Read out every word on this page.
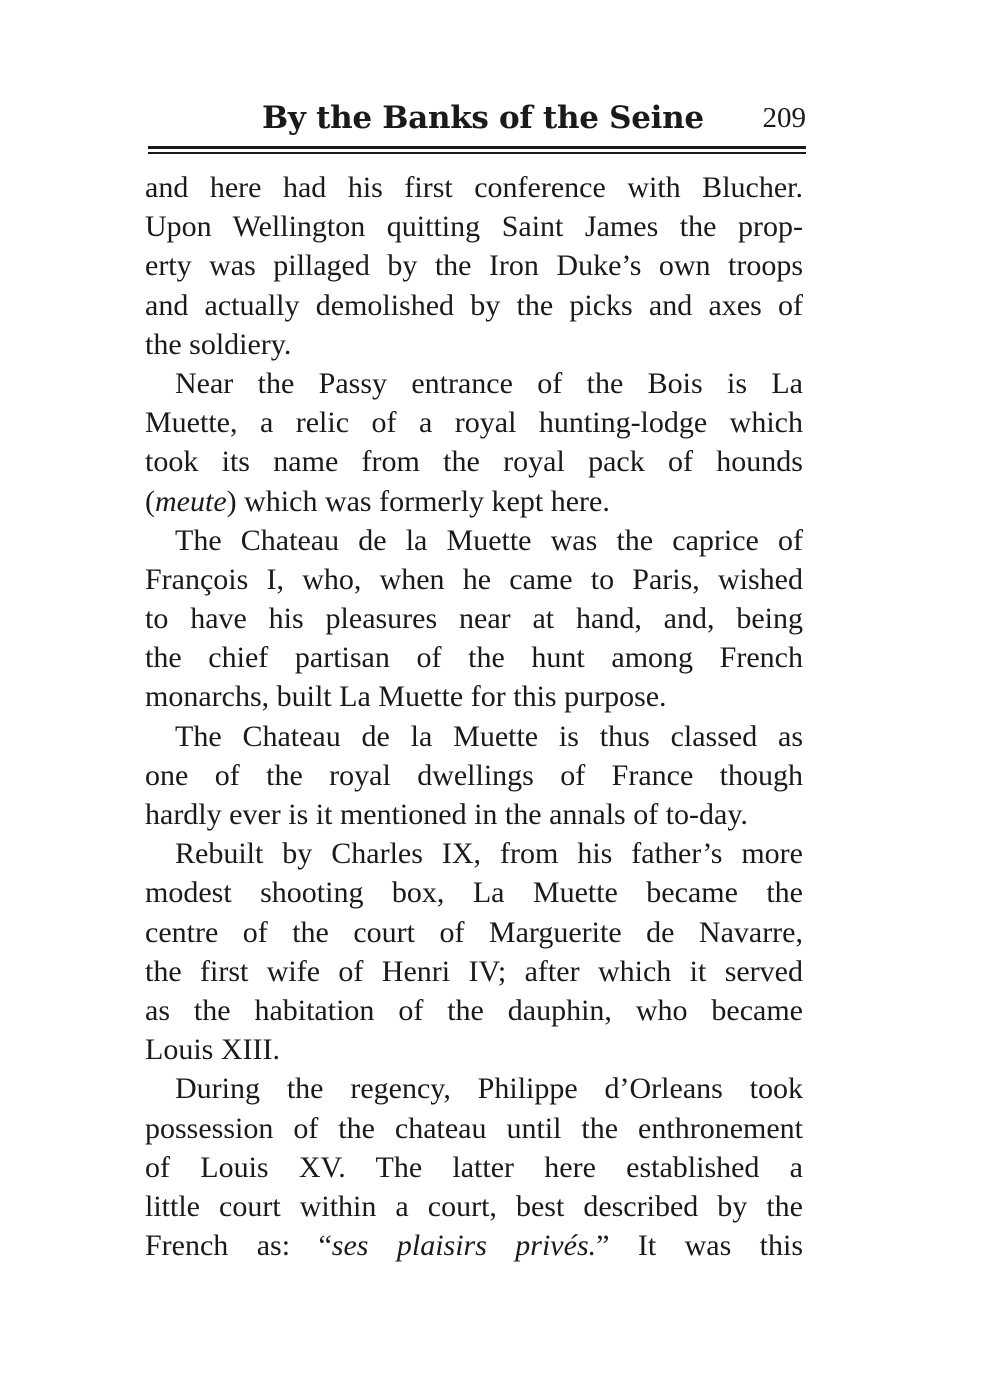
By the Banks of the Seine 209
and here had his first conference with Blucher.
Upon Wellington quitting Saint James the prop-
erty was pillaged by the Iron Duke’s own troops
and actually demolished by the picks and axes of
the soldiery.
Near the Passy entrance of the Bois is La
Muette, a relic of a royal hunting-lodge which
took its name from the royal pack of hounds
(meute) which was formerly kept here.
The Chateau de la Muette was the caprice of
François I, who, when he came to Paris, wished
to have his pleasures near at hand, and, being
the chief partisan of the hunt among French
monarchs, built La Muette for this purpose.
The Chateau de la Muette is thus classed as
one of the royal dwellings of France though
hardly ever is it mentioned in the annals of to-day.
Rebuilt by Charles IX, from his father’s more
modest shooting box, La Muette became the
centre of the court of Marguerite de Navarre,
the first wife of Henri IV; after which it served
as the habitation of the dauphin, who became
Louis XIII.
During the regency, Philippe d’Orleans took
possession of the chateau until the enthronement
of Louis XV. The latter here established a
little court within a court, best described by the
French as: “ses plaisirs privés.” It was this
